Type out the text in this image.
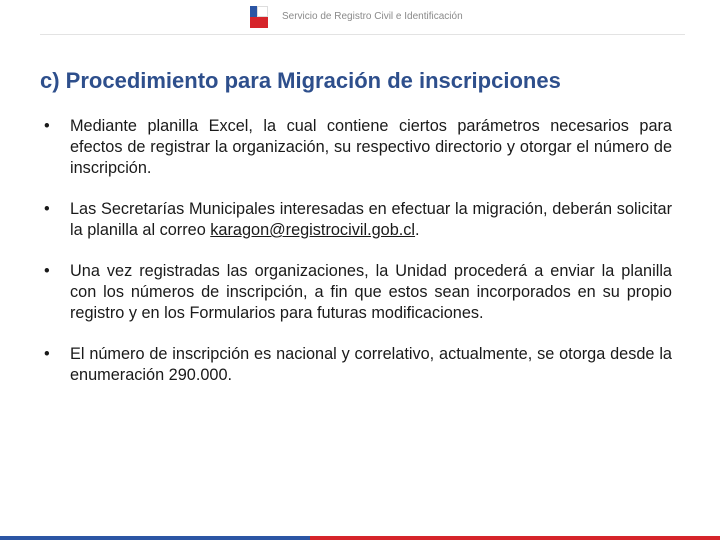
Servicio de Registro Civil e Identificación
c) Procedimiento para Migración de inscripciones
• Mediante planilla Excel, la cual contiene ciertos parámetros necesarios para efectos de registrar la organización, su respectivo directorio y otorgar el número de inscripción.
• Las Secretarías Municipales interesadas en efectuar la migración, deberán solicitar la planilla al correo karagon@registrocivil.gob.cl.
• Una vez registradas las organizaciones, la Unidad procederá a enviar la planilla con los números de inscripción, a fin que estos sean incorporados en su propio registro y en los Formularios para futuras modificaciones.
• El número de inscripción es nacional y correlativo, actualmente, se otorga desde la enumeración 290.000.
